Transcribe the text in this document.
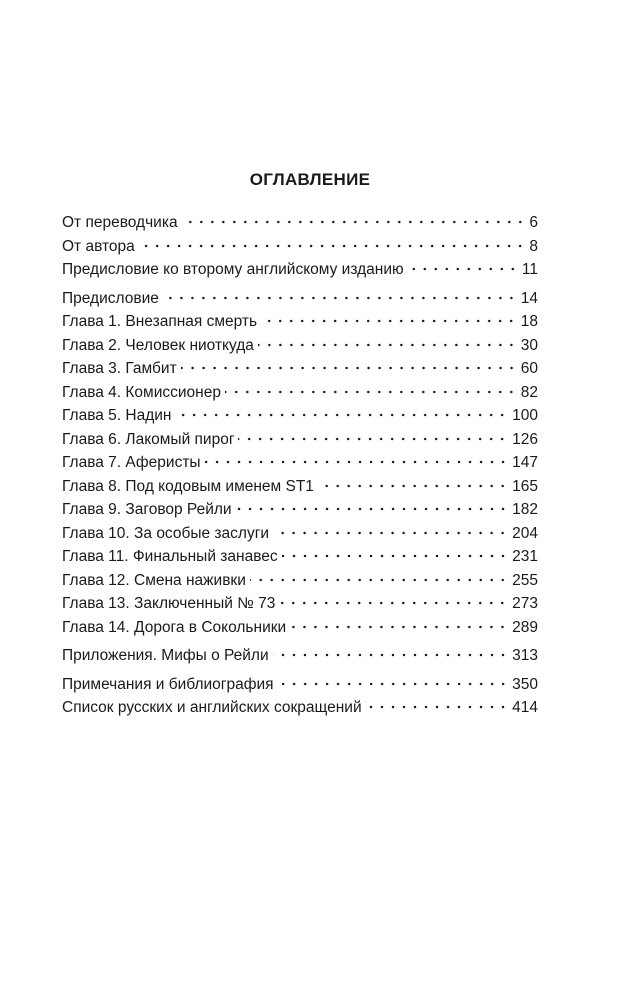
ОГЛАВЛЕНИЕ
От переводчика	6
От автора	8
Предисловие ко второму английскому изданию	11
Предисловие	14
Глава 1. Внезапная смерть	18
Глава 2. Человек ниоткуда	30
Глава 3. Гамбит	60
Глава 4. Комиссионер	82
Глава 5. Надин	100
Глава 6. Лакомый пирог	126
Глава 7. Аферисты	147
Глава 8. Под кодовым именем ST1	165
Глава 9. Заговор Рейли	182
Глава 10. За особые заслуги	204
Глава 11. Финальный занавес	231
Глава 12. Смена наживки	255
Глава 13. Заключенный № 73	273
Глава 14. Дорога в Сокольники	289
Приложения. Мифы о Рейли	313
Примечания и библиография	350
Список русских и английских сокращений	414
